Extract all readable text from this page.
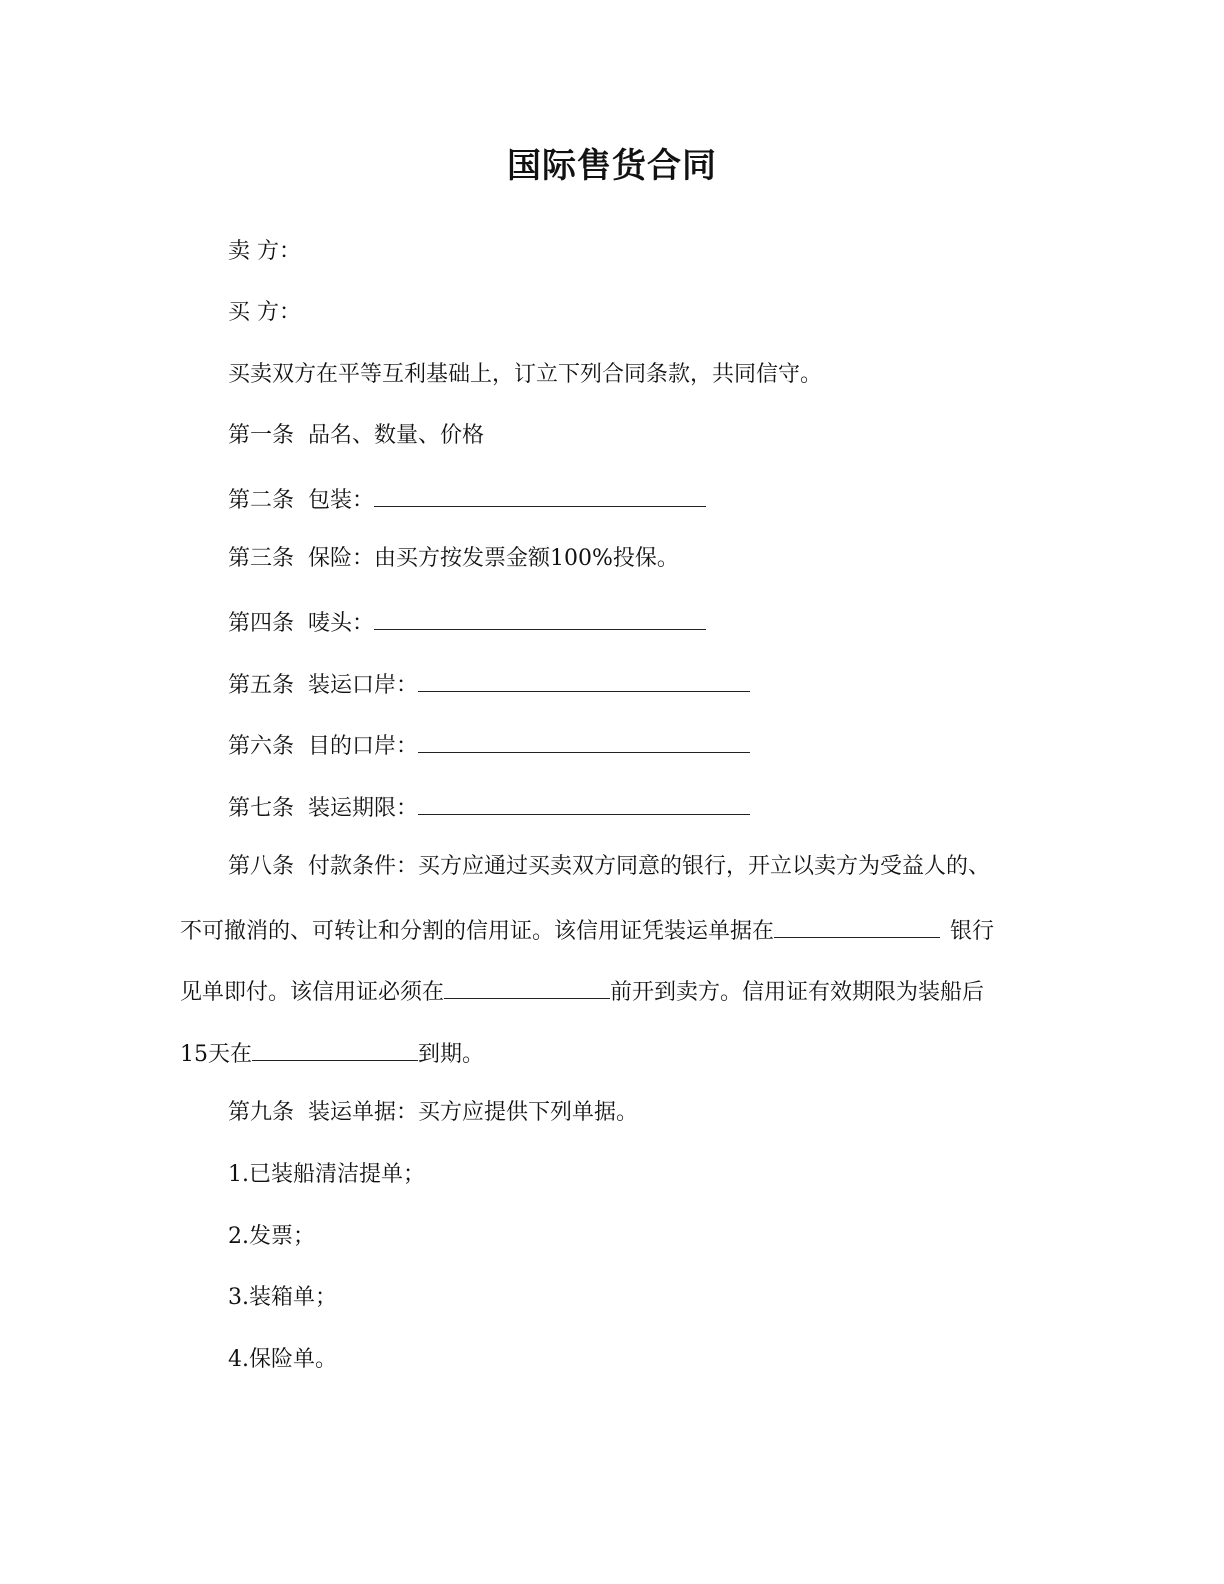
国际售货合同
卖 方：
买 方：
买卖双方在平等互利基础上，订立下列合同条款，共同信守。
第一条 品名、数量、价格
第二条 包装：
第三条 保险：由买方按发票金额100%投保。
第四条 唛头：
第五条 装运口岸：
第六条 目的口岸：
第七条 装运期限：
第八条 付款条件：买方应通过买卖双方同意的银行，开立以卖方为受益人的、
不可撤消的、可转让和分割的信用证。该信用证凭装运单据在	银行
见单即付。该信用证必须在	前开到卖方。信用证有效期限为装船后
15天在	到期。
第九条 装运单据：买方应提供下列单据。
1.已装船清洁提单；
2.发票；
3.装箱单；
4.保险单。
